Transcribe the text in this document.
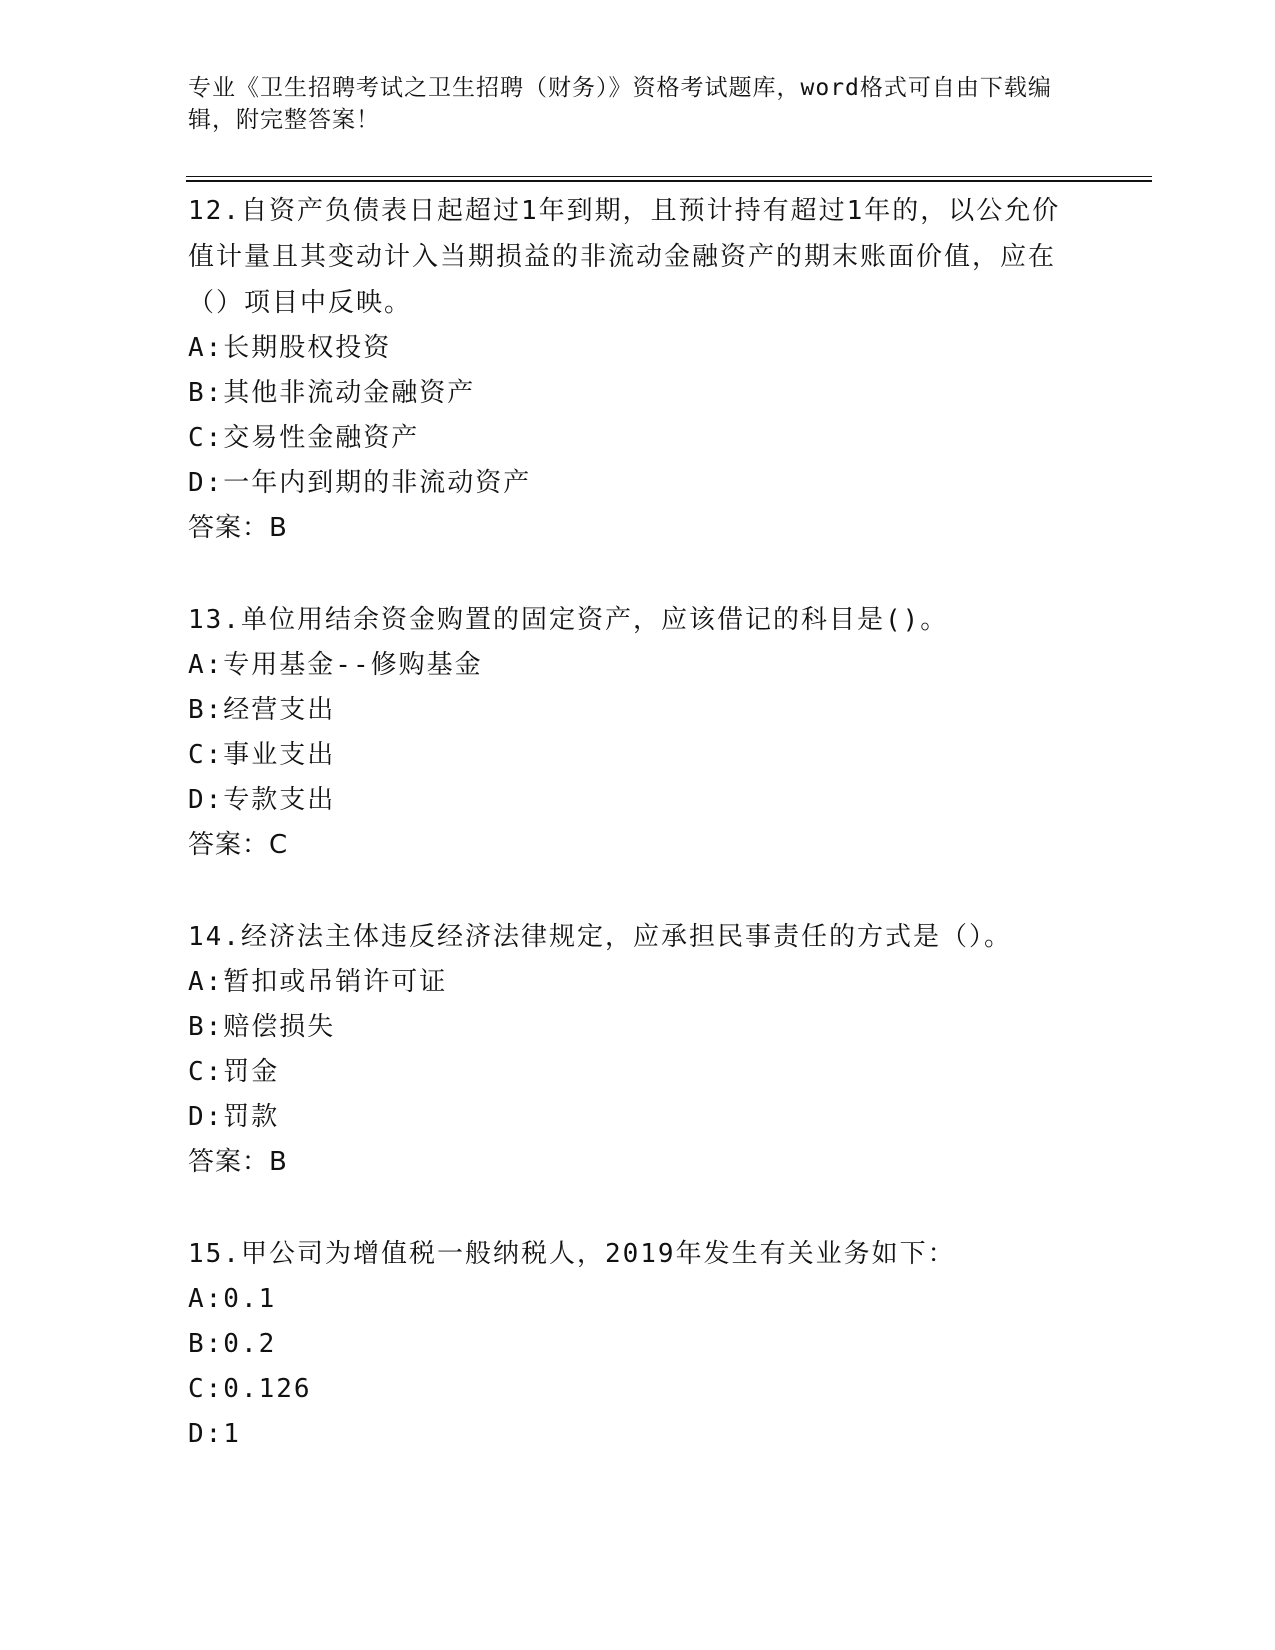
专业《卫生招聘考试之卫生招聘（财务）》资格考试题库，word格式可自由下载编辑，附完整答案！
12.自资产负债表日起超过1年到期，且预计持有超过1年的，以公允价值计量且其变动计入当期损益的非流动金融资产的期末账面价值，应在（）项目中反映。
A:长期股权投资
B:其他非流动金融资产
C:交易性金融资产
D:一年内到期的非流动资产
答案：B
13.单位用结余资金购置的固定资产，应该借记的科目是()。
A:专用基金--修购基金
B:经营支出
C:事业支出
D:专款支出
答案：C
14.经济法主体违反经济法律规定，应承担民事责任的方式是（）。
A:暂扣或吊销许可证
B:赔偿损失
C:罚金
D:罚款
答案：B
15.甲公司为增值税一般纳税人，2019年发生有关业务如下：
A:0.1
B:0.2
C:0.126
D:1
